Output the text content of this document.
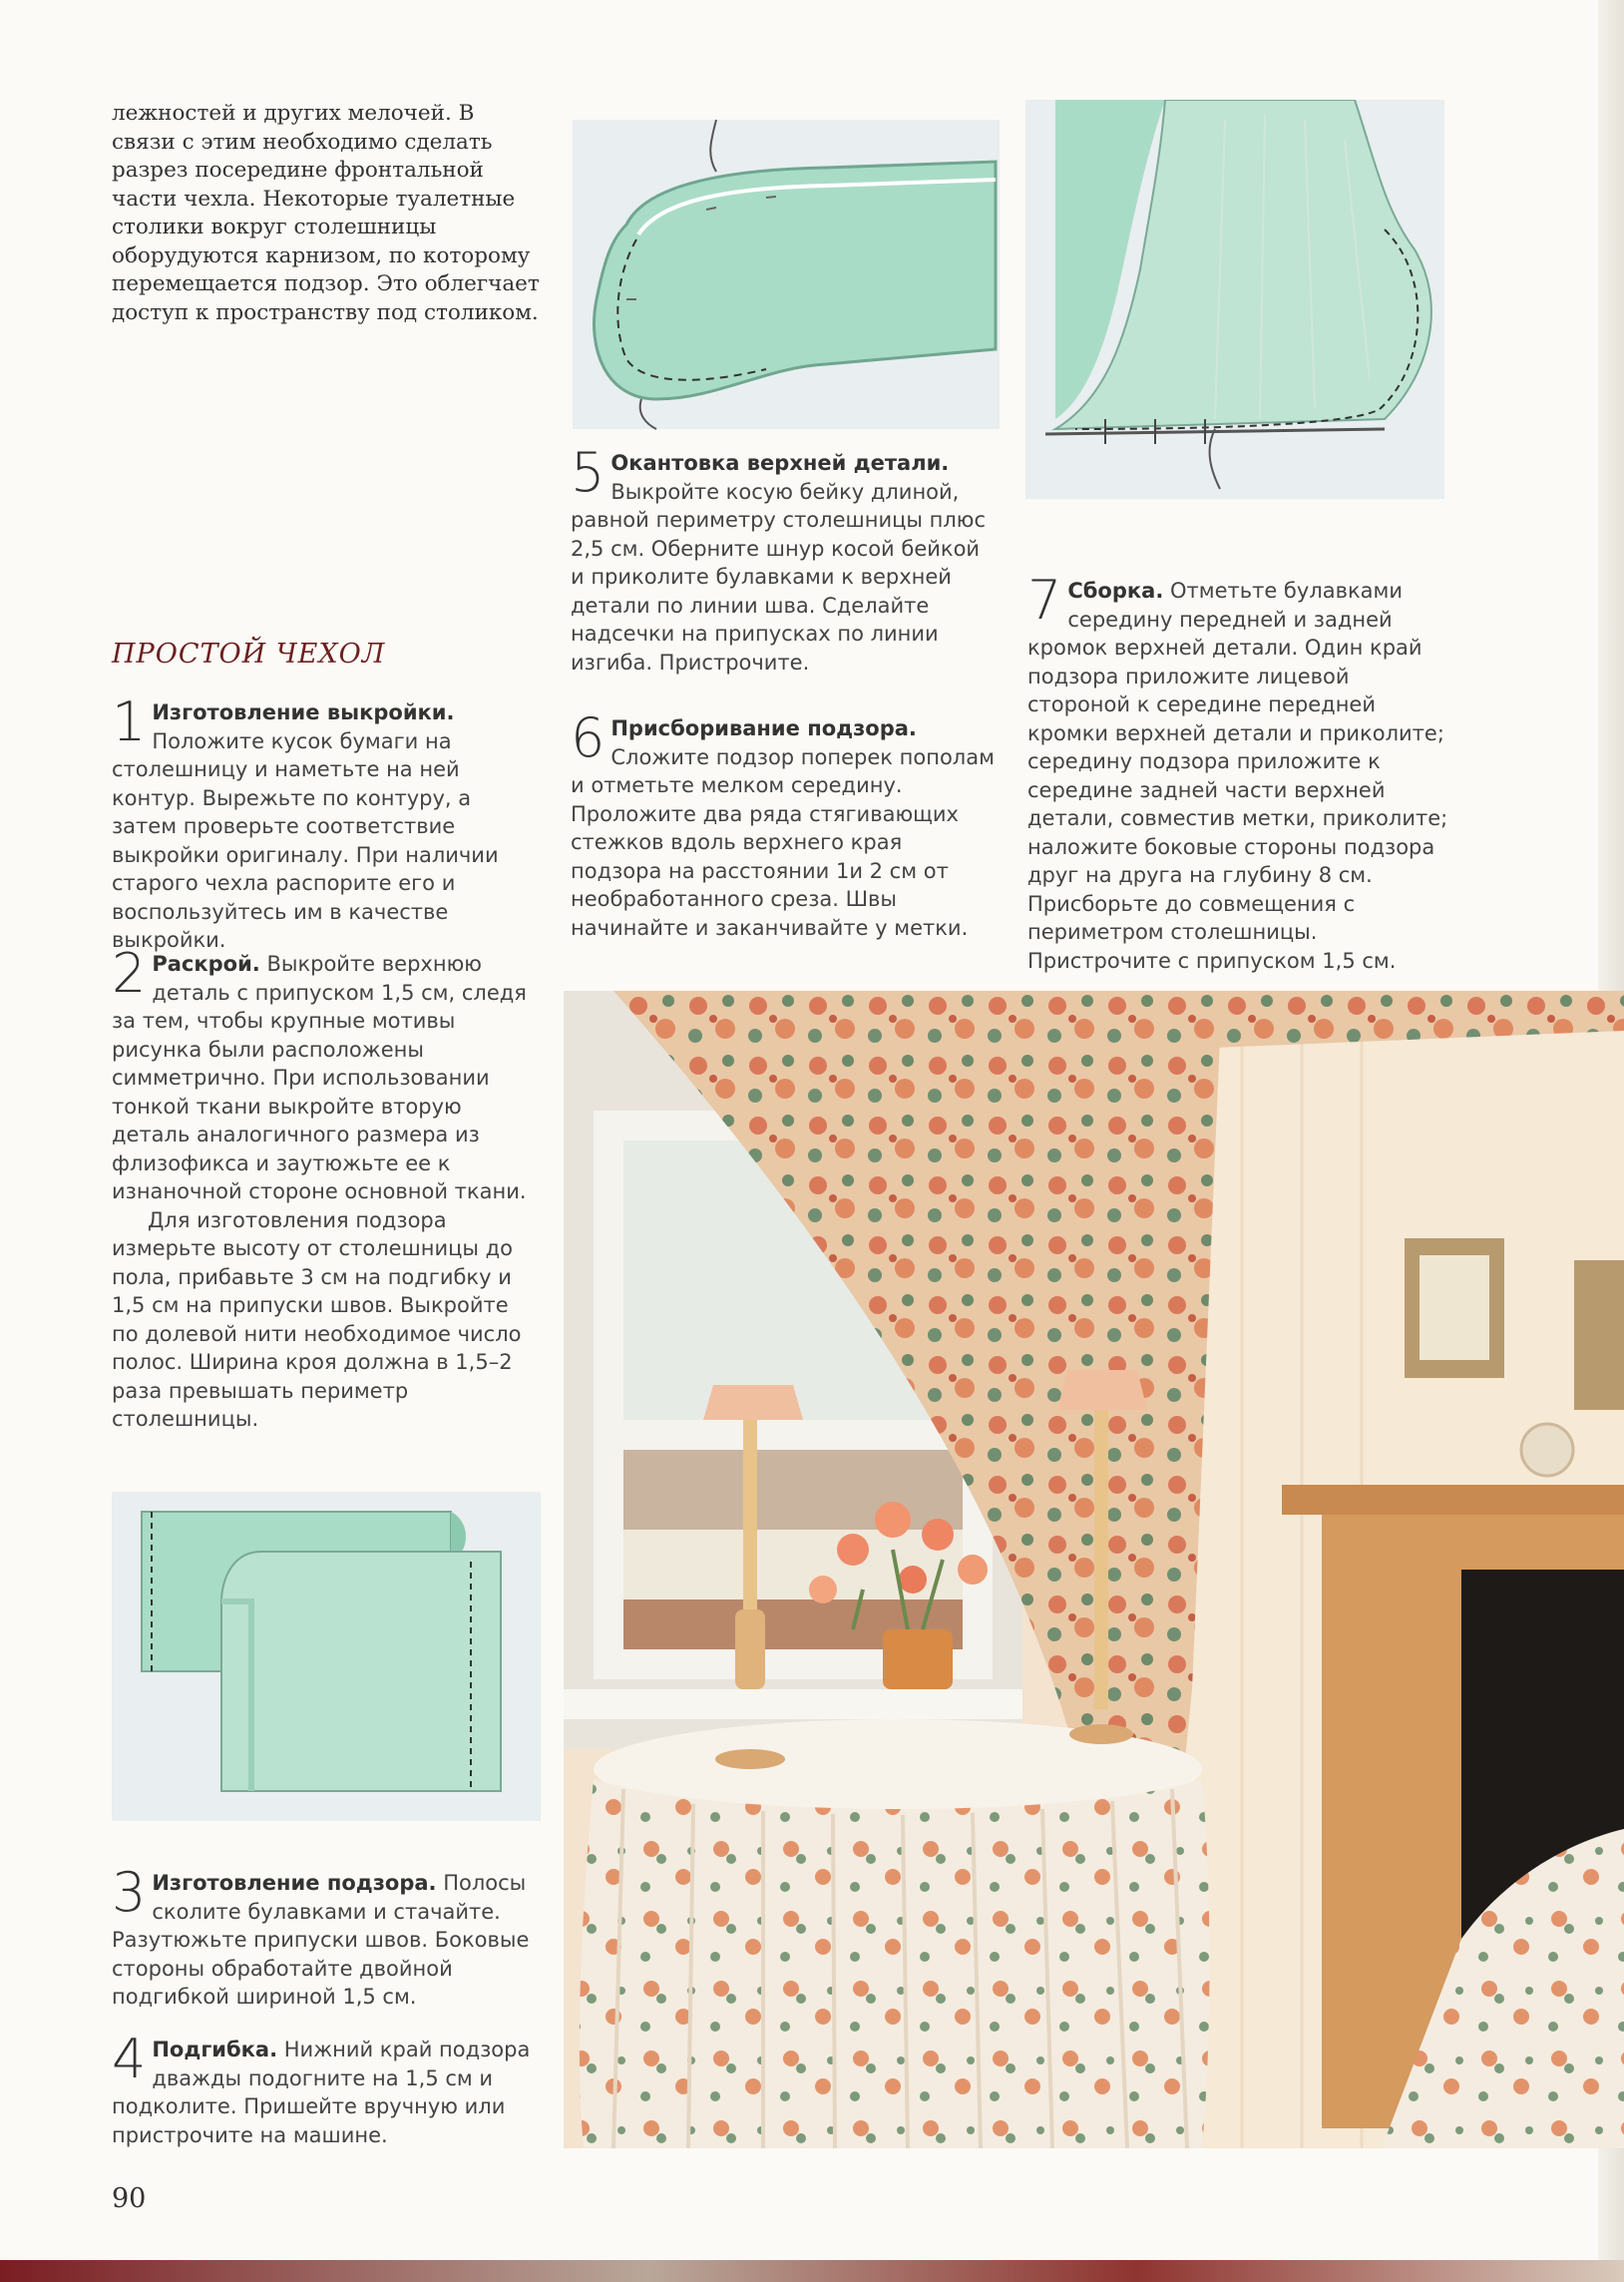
лежностей и других мелочей. В связи с этим необходимо сделать разрез посередине фронтальной части чехла. Некоторые туалетные столики вокруг столешницы оборудуются карнизом, по которому перемещается подзор. Это облегчает доступ к пространству под столиком.
ПРОСТОЙ ЧЕХОЛ
1 Изготовление выкройки. Положите кусок бумаги на столешницу и наметьте на ней контур. Вырежьте по контуру, а затем проверьте соответствие выкройки оригиналу. При наличии старого чехла распорите его и воспользуйтесь им в качестве выкройки.

2 Раскрой. Выкройте верхнюю деталь с припуском 1,5 см, следя за тем, чтобы крупные мотивы рисунка были расположены симметрично. При использовании тонкой ткани выкройте вторую деталь аналогичного размера из флизофикса и заутюжьте ее к изнаночной стороне основной ткани.

Для изготовления подзора измерьте высоту от столешницы до пола, прибавьте 3 см на подгибку и 1,5 см на припуски швов. Выкройте по долевой нити необходимое число полос. Ширина кроя должна в 1,5–2 раза превышать периметр столешницы.

3 Изготовление подзора. Полосы сколите булавками и стачайте. Разутюжьте припуски швов. Боковые стороны обработайте двойной подгибкой шириной 1,5 см.
4 Подгибка. Нижний край подзора дважды подогните на 1,5 см и подколите. Пришейте вручную или пристрочите на машине.
5 Окантовка верхней детали. Выкройте косую бейку длиной, равной периметру столешницы плюс 2,5 см. Оберните шнур косой бейкой и приколите булавками к верхней детали по линии шва. Сделайте надсечки на припусках по линии изгиба. Пристрочите.
6 Присборивание подзора. Сложите подзор поперек пополам и отметьте мелком середину. Проложите два ряда стягивающих стежков вдоль верхнего края подзора на расстоянии 1и 2 см от необработанного среза. Швы начинайте и заканчивайте у метки.
7 Сборка. Отметьте булавками середину передней и задней кромок верхней детали. Один край подзора приложите лицевой стороной к середине передней кромки верхней детали и приколите; середину подзора приложите к середине задней части верхней детали, совместив метки, приколите; наложите боковые стороны подзора друг на друга на глубину 8 см. Присборьте до совмещения с периметром столешницы. Пристрочите с припуском 1,5 см.
90
